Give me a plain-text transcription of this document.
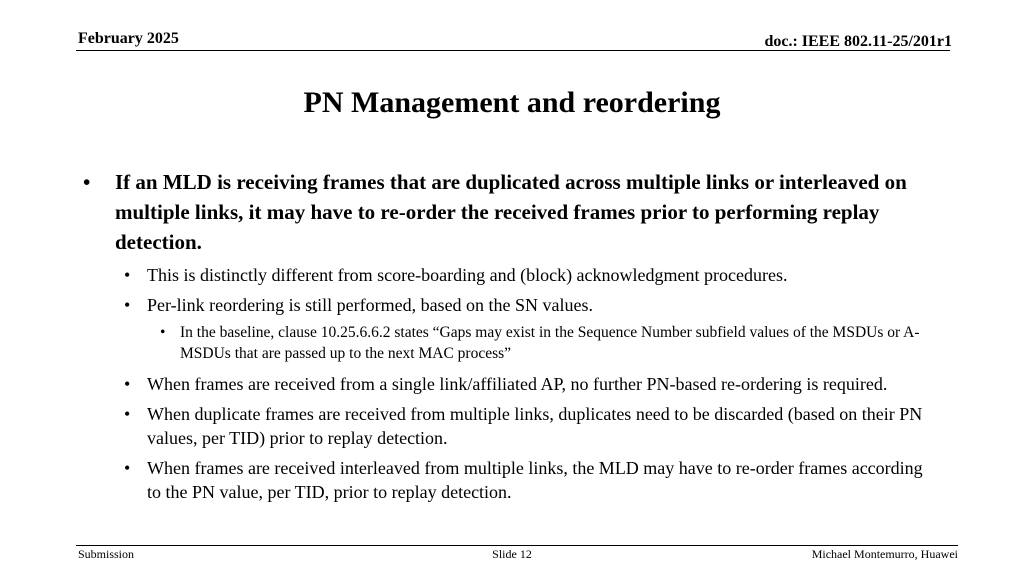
February 2025	doc.: IEEE 802.11-25/201r1
PN Management and reordering
• If an MLD is receiving frames that are duplicated across multiple links or interleaved on multiple links, it may have to re-order the received frames prior to performing replay detection.
• This is distinctly different from score-boarding and (block) acknowledgment procedures.
• Per-link reordering is still performed, based on the SN values.
• In the baseline, clause 10.25.6.6.2 states “Gaps may exist in the Sequence Number subfield values of the MSDUs or A-MSDUs that are passed up to the next MAC process”
• When frames are received from a single link/affiliated AP, no further PN-based re-ordering is required.
• When duplicate frames are received from multiple links, duplicates need to be discarded (based on their PN values, per TID) prior to replay detection.
• When frames are received interleaved from multiple links, the MLD may have to re-order frames according to the PN value, per TID, prior to replay detection.
Submission	Slide 12	Michael Montemurro, Huawei
